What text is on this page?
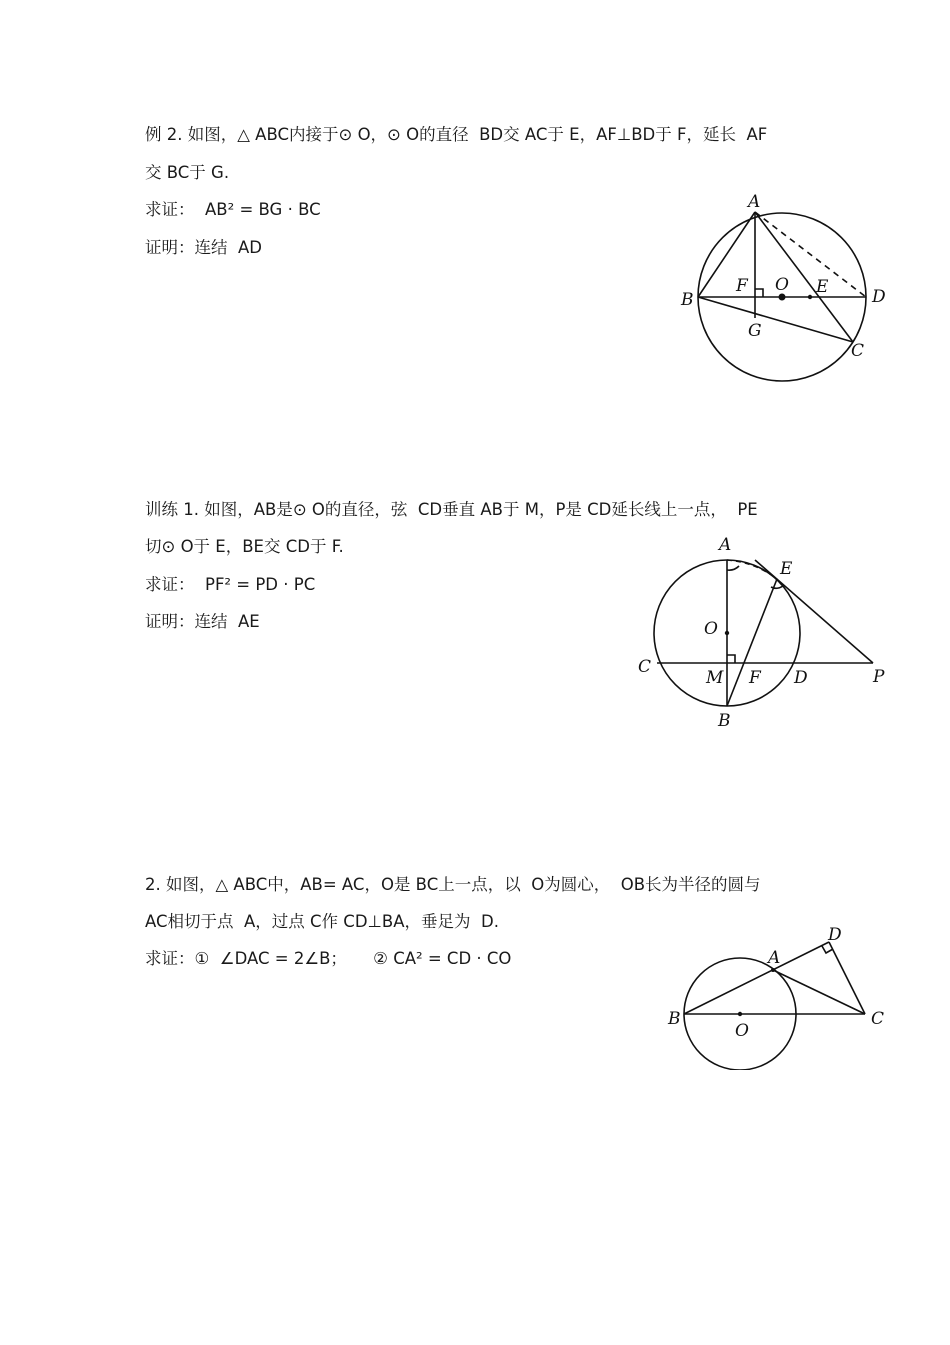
例 2. 如图，△ ABC内接于⊙ O，⊙ O的直径  BD交 AC于 E，AF⊥BD于 F，延长  AF
交 BC于 G.
求证：  AB² = BG · BC
证明：连结  AD
A
B
C
D
E
F
G
O
训练 1. 如图，AB是⊙ O的直径，弦  CD垂直 AB于 M，P是 CD延长线上一点，  PE
切⊙ O于 E，BE交 CD于 F.
求证：  PF² = PD · PC
证明：连结  AE
A
B
C
D
E
F
M
O
P
2. 如图，△ ABC中，AB= AC，O是 BC上一点，以  O为圆心，  OB长为半径的圆与
AC相切于点  A，过点 C作 CD⊥BA，垂足为  D.
求证：①  ∠DAC = 2∠B；     ② CA² = CD · CO	A
B	C
D
O
